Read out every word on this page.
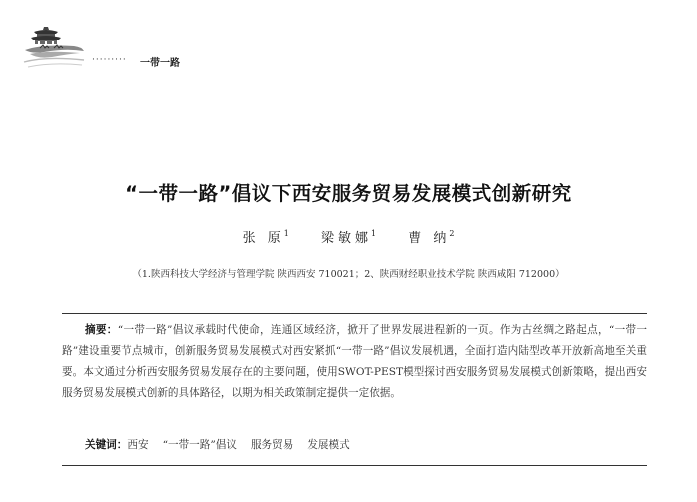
········· 一带一路
“一带一路”倡议下西安服务贸易发展模式创新研究
张 原$^1$ 梁敏娜$^1$ 曹 纳$^2$
（1.陕西科技大学经济与管理学院 陕西西安 710021；2、陕西财经职业技术学院 陕西咸阳 712000）
摘要：“一带一路”倡议承载时代使命，连通区域经济，掀开了世界发展进程新的一页。作为古丝绸之路起点，“一带一路”建设重要节点城市，创新服务贸易发展模式对西安紧抓“一带一路”倡议发展机遇，全面打造内陆型改革开放新高地至关重要。本文通过分析西安服务贸易发展存在的主要问题，使用SWOT-PEST模型探讨西安服务贸易发展模式创新策略，提出西安服务贸易发展模式创新的具体路径，以期为相关政策制定提供一定依据。
关键词：西安 “一带一路”倡议 服务贸易 发展模式
